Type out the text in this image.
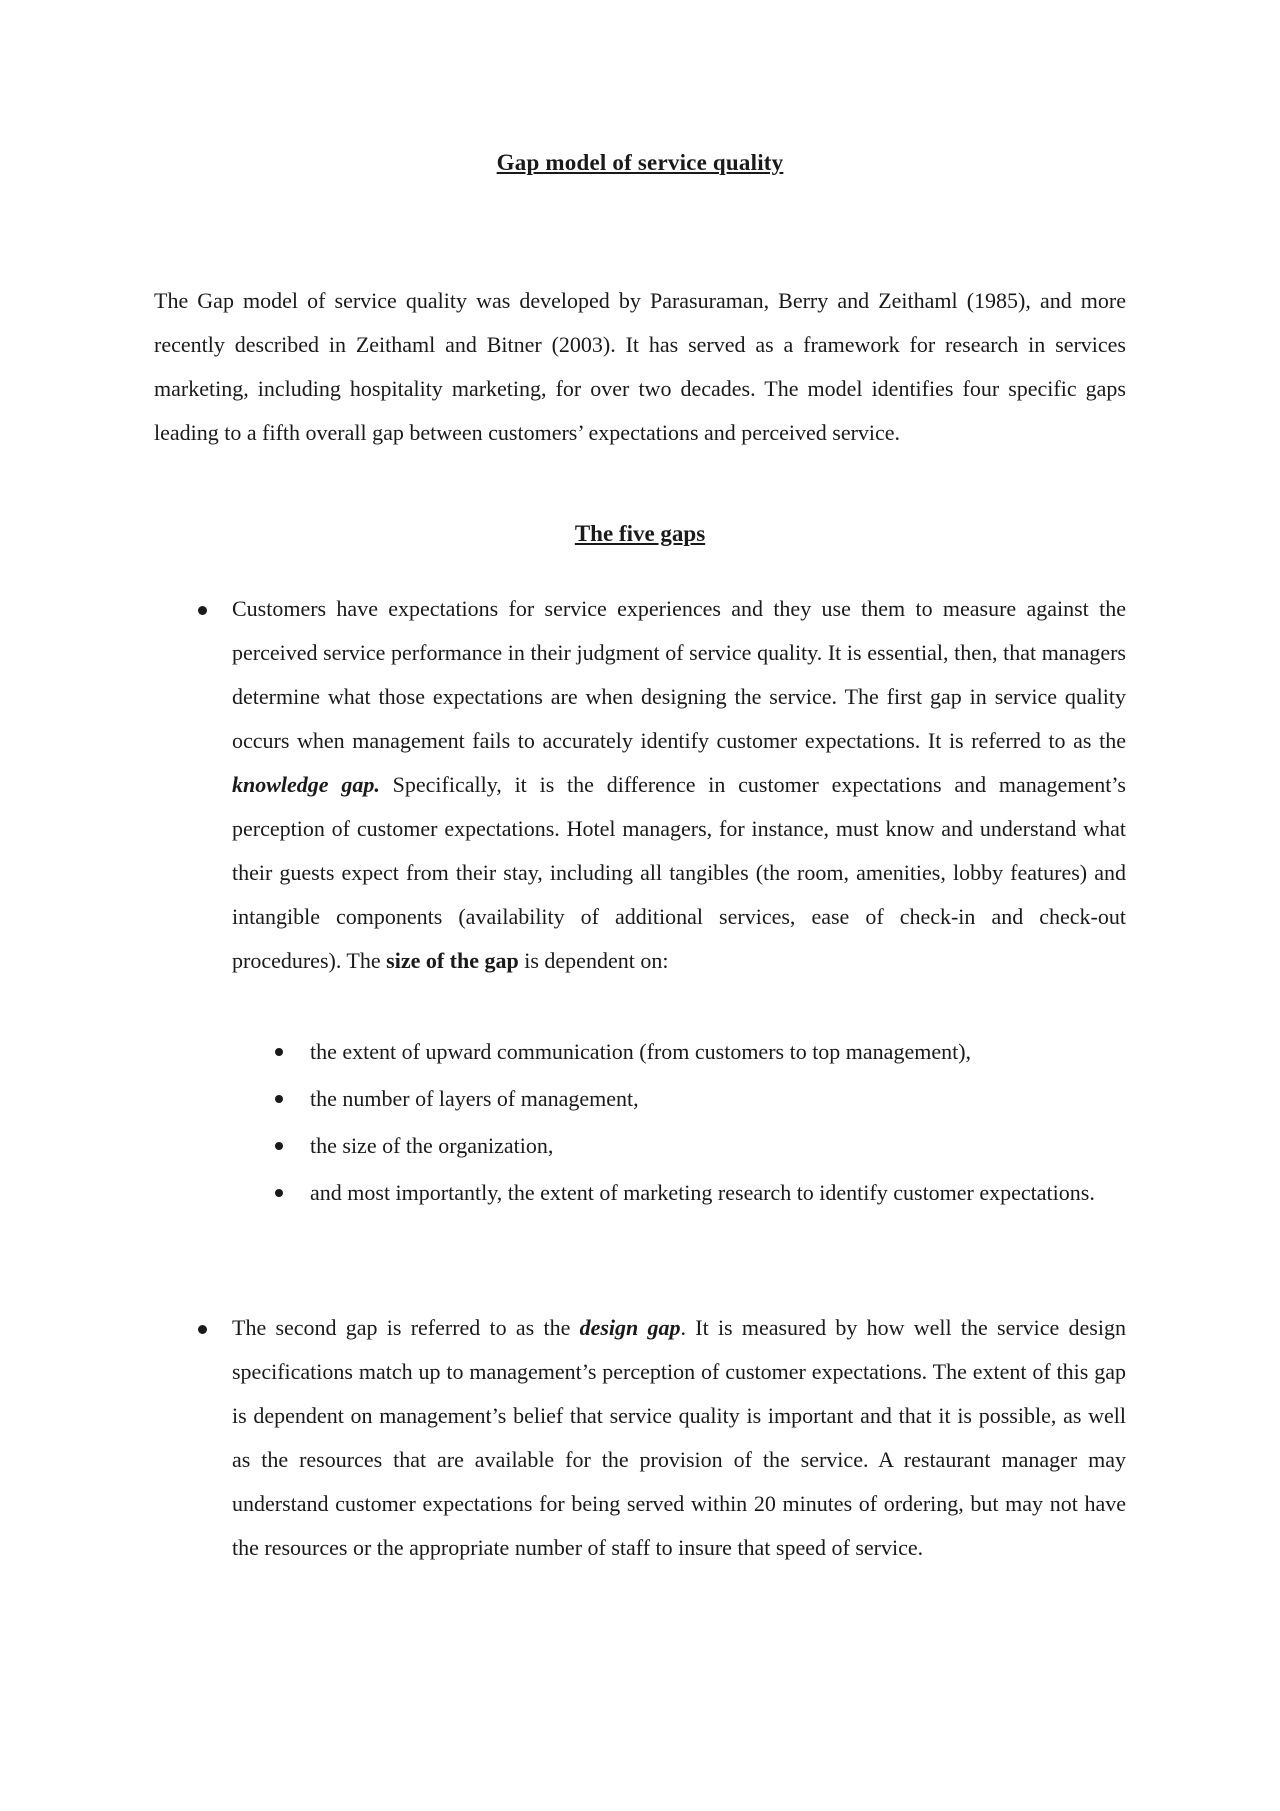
Gap model of service quality

The Gap model of service quality was developed by Parasuraman, Berry and Zeithaml (1985), and more recently described in Zeithaml and Bitner (2003). It has served as a framework for research in services marketing, including hospitality marketing, for over two decades. The model identifies four specific gaps leading to a fifth overall gap between customers’ expectations and perceived service.

The five gaps

Customers have expectations for service experiences and they use them to measure against the perceived service performance in their judgment of service quality. It is essential, then, that managers determine what those expectations are when designing the service. The first gap in service quality occurs when management fails to accurately identify customer expectations. It is referred to as the knowledge gap. Specifically, it is the difference in customer expectations and management’s perception of customer expectations. Hotel managers, for instance, must know and understand what their guests expect from their stay, including all tangibles (the room, amenities, lobby features) and intangible components (availability of additional services, ease of check-in and check-out procedures). The size of the gap is dependent on:

the extent of upward communication (from customers to top management),
the number of layers of management,
the size of the organization,
and most importantly, the extent of marketing research to identify customer expectations.

The second gap is referred to as the design gap. It is measured by how well the service design specifications match up to management’s perception of customer expectations. The extent of this gap is dependent on management’s belief that service quality is important and that it is possible, as well as the resources that are available for the provision of the service. A restaurant manager may understand customer expectations for being served within 20 minutes of ordering, but may not have the resources or the appropriate number of staff to insure that speed of service.
